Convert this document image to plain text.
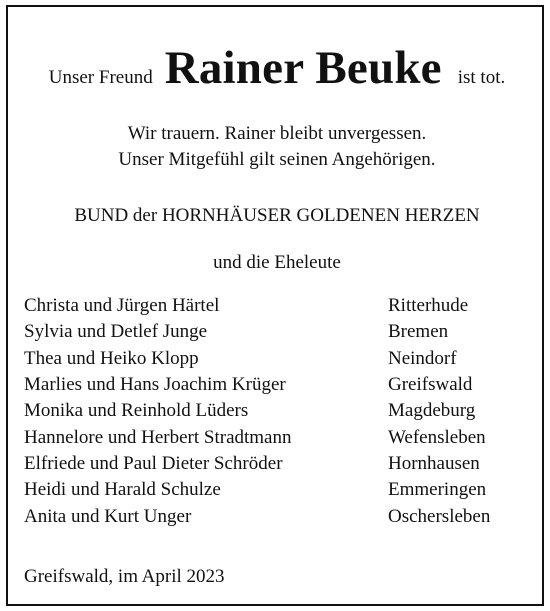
Unser Freund Rainer Beuke ist tot.
Wir trauern. Rainer bleibt unvergessen.
Unser Mitgefühl gilt seinen Angehörigen.
BUND der HORNHÄUSER GOLDENEN HERZEN
und die Eheleute
Christa und Jürgen Härtel	Ritterhude
Sylvia und Detlef Junge	Bremen
Thea und Heiko Klopp	Neindorf
Marlies und Hans Joachim Krüger	Greifswald
Monika und Reinhold Lüders	Magdeburg
Hannelore und Herbert Stradtmann	Wefensleben
Elfriede und Paul Dieter Schröder	Hornhausen
Heidi und Harald Schulze	Emmeringen
Anita und Kurt Unger	Oschersleben
Greifswald, im April 2023
